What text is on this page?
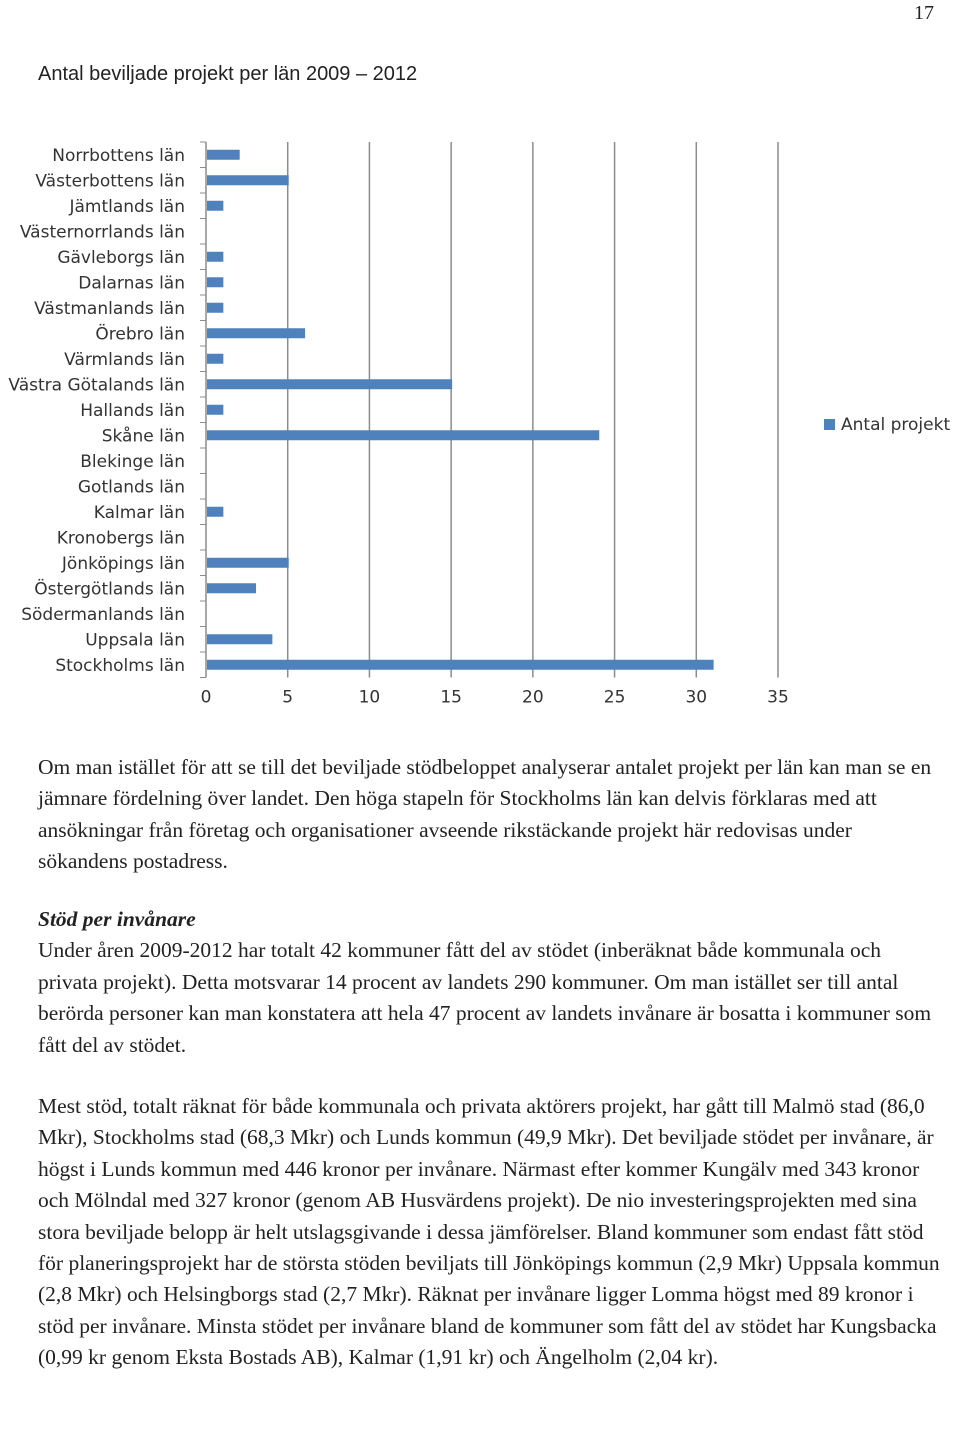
17
Antal beviljade projekt per län 2009 – 2012
Norrbottens län
Västerbottens län
Jämtlands län
Västernorrlands län
Gävleborgs län
Dalarnas län
Västmanlands län
Örebro län
Värmlands län
Västra Götalands län
Hallands län
Skåne län
Blekinge län
Gotlands län
Kalmar län
Kronobergs län
Jönköpings län
Östergötlands län
Södermanlands län
Uppsala län
Stockholms län
0	5	10	15	20	25	30	35
Antal projekt

Om man istället för att se till det beviljade stödbeloppet analyserar antalet projekt per län kan man se en jämnare fördelning över landet. Den höga stapeln för Stockholms län kan delvis förklaras med att ansökningar från företag och organisationer avseende rikstäckande projekt här redovisas under sökandens postadress.

Stöd per invånare

Under åren 2009-2012 har totalt 42 kommuner fått del av stödet (inberäknat både kommunala och privata projekt). Detta motsvarar 14 procent av landets 290 kommuner. Om man istället ser till antal berörda personer kan man konstatera att hela 47 procent av landets invånare är bosatta i kommuner som fått del av stödet.

Mest stöd, totalt räknat för både kommunala och privata aktörers projekt, har gått till Malmö stad (86,0 Mkr), Stockholms stad (68,3 Mkr) och Lunds kommun (49,9 Mkr). Det beviljade stödet per invånare, är högst i Lunds kommun med 446 kronor per invånare. Närmast efter kommer Kungälv med 343 kronor och Mölndal med 327 kronor (genom AB Husvärdens projekt). De nio investeringsprojekten med sina stora beviljade belopp är helt utslagsgivande i dessa jämförelser. Bland kommuner som endast fått stöd för planeringsprojekt har de största stöden beviljats till Jönköpings kommun (2,9 Mkr) Uppsala kommun (2,8 Mkr) och Helsingborgs stad (2,7 Mkr). Räknat per invånare ligger Lomma högst med 89 kronor i stöd per invånare. Minsta stödet per invånare bland de kommuner som fått del av stödet har Kungsbacka (0,99 kr genom Eksta Bostads AB), Kalmar (1,91 kr) och Ängelholm (2,04 kr).
